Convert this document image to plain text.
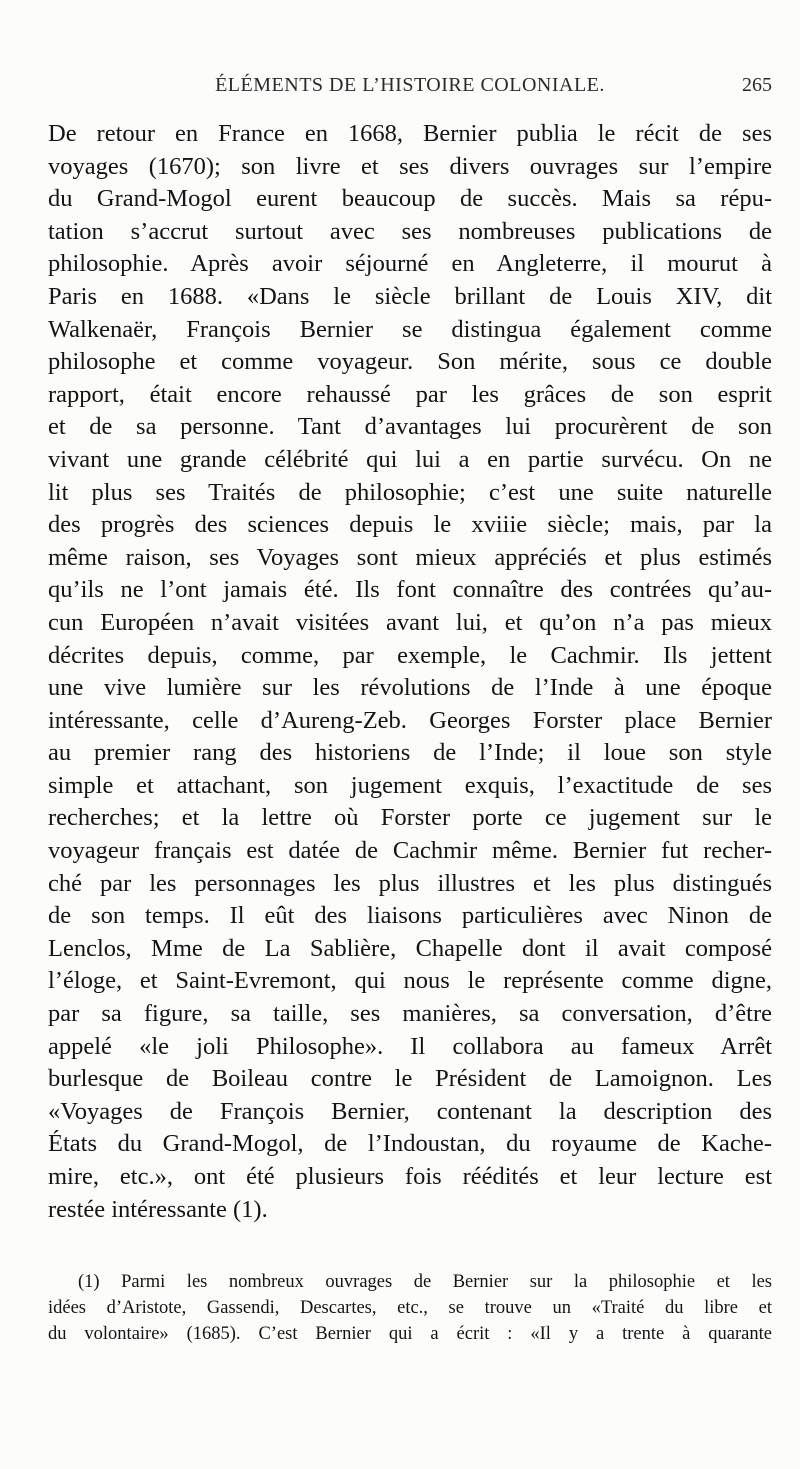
ÉLÉMENTS DE L’HISTOIRE COLONIALE.	265
De retour en France en 1668, Bernier publia le récit de ses
voyages (1670); son livre et ses divers ouvrages sur l’empire
du Grand-Mogol eurent beaucoup de succès. Mais sa répu-
tation s’accrut surtout avec ses nombreuses publications de
philosophie. Après avoir séjourné en Angleterre, il mourut à
Paris en 1688. «Dans le siècle brillant de Louis XIV, dit
Walkenaër, François Bernier se distingua également comme
philosophe et comme voyageur. Son mérite, sous ce double
rapport, était encore rehaussé par les grâces de son esprit
et de sa personne. Tant d’avantages lui procurèrent de son
vivant une grande célébrité qui lui a en partie survécu. On ne
lit plus ses Traités de philosophie; c’est une suite naturelle
des progrès des sciences depuis le xviiie siècle; mais, par la
même raison, ses Voyages sont mieux appréciés et plus estimés
qu’ils ne l’ont jamais été. Ils font connaître des contrées qu’au-
cun Européen n’avait visitées avant lui, et qu’on n’a pas mieux
décrites depuis, comme, par exemple, le Cachmir. Ils jettent
une vive lumière sur les révolutions de l’Inde à une époque
intéressante, celle d’Aureng-Zeb. Georges Forster place Bernier
au premier rang des historiens de l’Inde; il loue son style
simple et attachant, son jugement exquis, l’exactitude de ses
recherches; et la lettre où Forster porte ce jugement sur le
voyageur français est datée de Cachmir même. Bernier fut recher-
ché par les personnages les plus illustres et les plus distingués
de son temps. Il eût des liaisons particulières avec Ninon de
Lenclos, Mme de La Sablière, Chapelle dont il avait composé
l’éloge, et Saint-Evremont, qui nous le représente comme digne,
par sa figure, sa taille, ses manières, sa conversation, d’être
appelé «le joli Philosophe». Il collabora au fameux Arrêt
burlesque de Boileau contre le Président de Lamoignon. Les
«Voyages de François Bernier, contenant la description des
États du Grand-Mogol, de l’Indoustan, du royaume de Kache-
mire, etc.», ont été plusieurs fois réédités et leur lecture est
restée intéressante (1).
(1) Parmi les nombreux ouvrages de Bernier sur la philosophie et les
idées d’Aristote, Gassendi, Descartes, etc., se trouve un «Traité du libre et
du volontaire» (1685). C’est Bernier qui a écrit : «Il y a trente à quarante
